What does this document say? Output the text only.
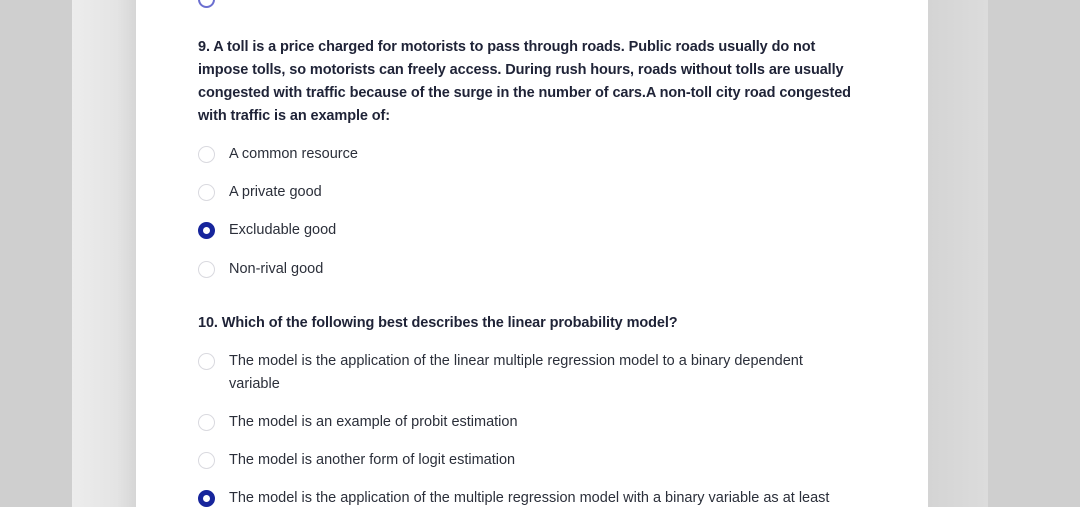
9. A toll is a price charged for motorists to pass through roads. Public roads usually do not impose tolls, so motorists can freely access. During rush hours, roads without tolls are usually congested with traffic because of the surge in the number of cars.A non-toll city road congested with traffic is an example of:
A common resource
A private good
Excludable good
Non-rival good
10. Which of the following best describes the linear probability model?
The model is the application of the linear multiple regression model to a binary dependent variable
The model is an example of probit estimation
The model is another form of logit estimation
The model is the application of the multiple regression model with a binary variable as at least
